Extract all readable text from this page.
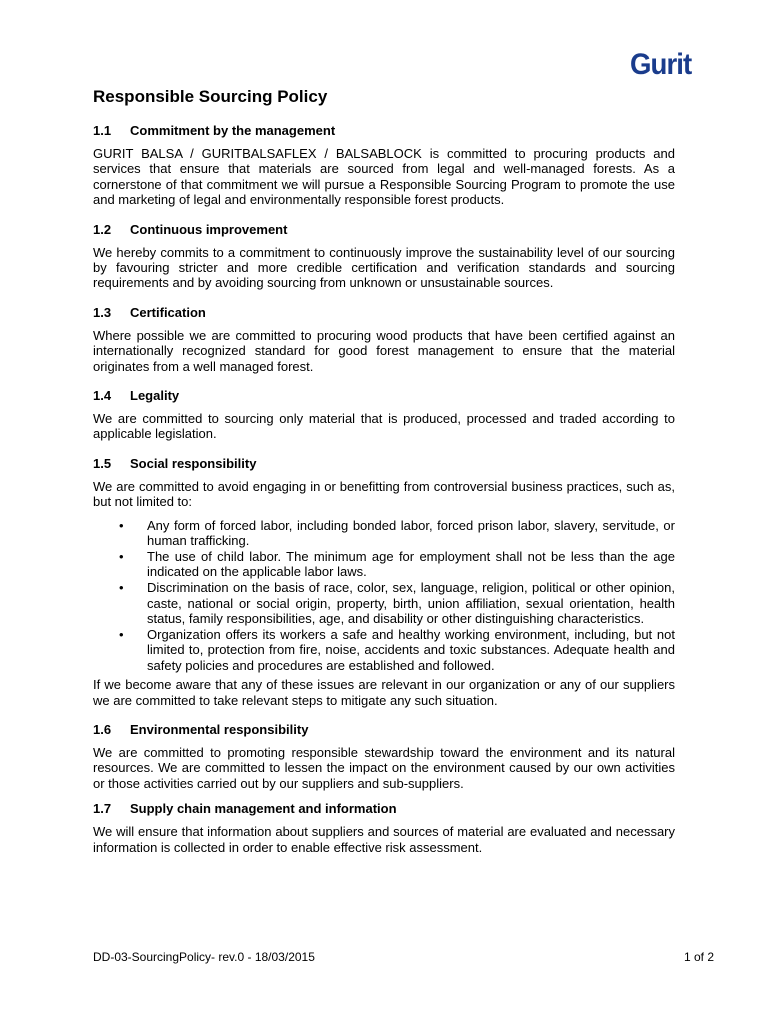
Gurit
Responsible Sourcing Policy
1.1	Commitment by the management

GURIT BALSA / GURITBALSAFLEX / BALSABLOCK is committed to procuring products and services that ensure that materials are sourced from legal and well-managed forests. As a cornerstone of that commitment we will pursue a Responsible Sourcing Program to promote the use and marketing of legal and environmentally responsible forest products.

1.2	Continuous improvement

We hereby commits to a commitment to continuously improve the sustainability level of our sourcing by favouring stricter and more credible certification and verification standards and sourcing requirements and by avoiding sourcing from unknown or unsustainable sources.

1.3	Certification

Where possible we are committed to procuring wood products that have been certified against an internationally recognized standard for good forest management to ensure that the material originates from a well managed forest.

1.4	Legality

We are committed to sourcing only material that is produced, processed and traded according to applicable legislation.

1.5	Social responsibility

We are committed to avoid engaging in or benefitting from controversial business practices, such as, but not limited to:

• Any form of forced labor, including bonded labor, forced prison labor, slavery, servitude, or human trafficking.
• The use of child labor. The minimum age for employment shall not be less than the age indicated on the applicable labor laws.
• Discrimination on the basis of race, color, sex, language, religion, political or other opinion, caste, national or social origin, property, birth, union affiliation, sexual orientation, health status, family responsibilities, age, and disability or other distinguishing characteristics.
• Organization offers its workers a safe and healthy working environment, including, but not limited to, protection from fire, noise, accidents and toxic substances. Adequate health and safety policies and procedures are established and followed.

If we become aware that any of these issues are relevant in our organization or any of our suppliers we are committed to take relevant steps to mitigate any such situation.

1.6	Environmental responsibility

We are committed to promoting responsible stewardship toward the environment and its natural resources. We are committed to lessen the impact on the environment caused by our own activities or those activities carried out by our suppliers and sub-suppliers.

1.7	Supply chain management and information

We will ensure that information about suppliers and sources of material are evaluated and necessary information is collected in order to enable effective risk assessment.

DD-03-SourcingPolicy- rev.0 - 18/03/2015	1 of 2
